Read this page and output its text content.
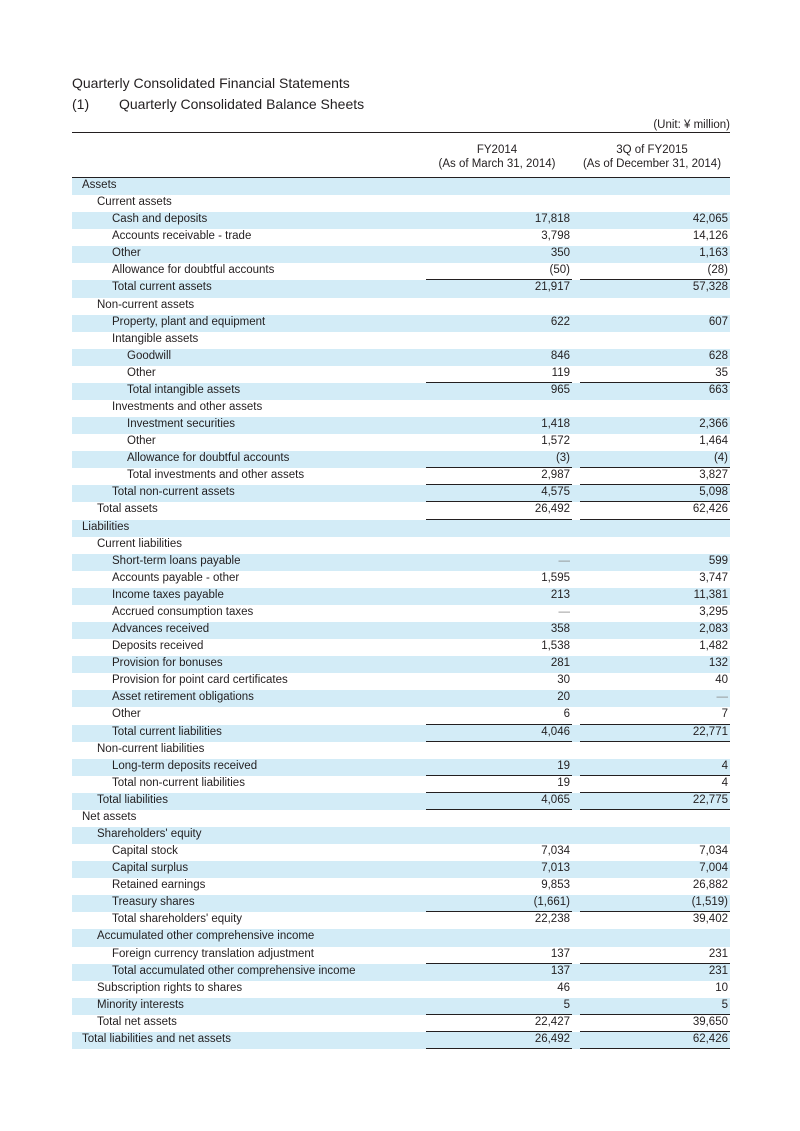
Quarterly Consolidated Financial Statements
(1) Quarterly Consolidated Balance Sheets
(Unit: ¥ million)
FY2014
(As of March 31, 2014)
3Q of FY2015
(As of December 31, 2014)
Assets
Current assets
Cash and deposits	17,818	42,065
Accounts receivable - trade	3,798	14,126
Other	350	1,163
Allowance for doubtful accounts	(50)	(28)
Total current assets	21,917	57,328
Non-current assets
Property, plant and equipment	622	607
Intangible assets
Goodwill	846	628
Other	119	35
Total intangible assets	965	663
Investments and other assets
Investment securities	1,418	2,366
Other	1,572	1,464
Allowance for doubtful accounts	(3)	(4)
Total investments and other assets	2,987	3,827
Total non-current assets	4,575	5,098
Total assets	26,492	62,426
Liabilities
Current liabilities
Short-term loans payable	—	599
Accounts payable - other	1,595	3,747
Income taxes payable	213	11,381
Accrued consumption taxes	—	3,295
Advances received	358	2,083
Deposits received	1,538	1,482
Provision for bonuses	281	132
Provision for point card certificates	30	40
Asset retirement obligations	20	—
Other	6	7
Total current liabilities	4,046	22,771
Non-current liabilities
Long-term deposits received	19	4
Total non-current liabilities	19	4
Total liabilities	4,065	22,775
Net assets
Shareholders' equity
Capital stock	7,034	7,034
Capital surplus	7,013	7,004
Retained earnings	9,853	26,882
Treasury shares	(1,661)	(1,519)
Total shareholders' equity	22,238	39,402
Accumulated other comprehensive income
Foreign currency translation adjustment	137	231
Total accumulated other comprehensive income	137	231
Subscription rights to shares	46	10
Minority interests	5	5
Total net assets	22,427	39,650
Total liabilities and net assets	26,492	62,426
